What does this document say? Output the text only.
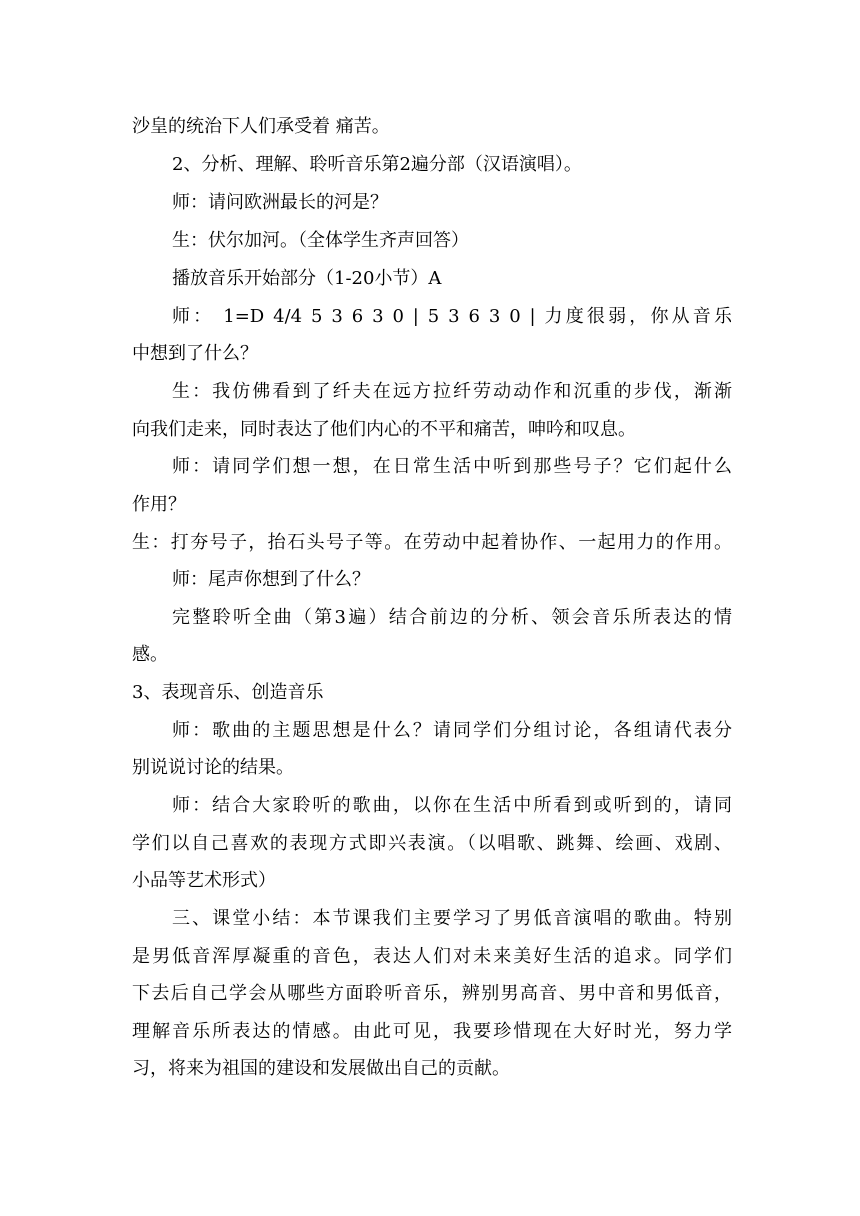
沙皇的统治下人们承受着 痛苦。
2、分析、理解、聆听音乐第2遍分部（汉语演唱）。
师：请问欧洲最长的河是？
生：伏尔加河。（全体学生齐声回答）
播放音乐开始部分（1-20小节）A
师： 1=D 4/4 5 3 6 3 0 | 5 3 6 3 0 | 力度很弱，你从音乐
中想到了什么？
生：我仿佛看到了纤夫在远方拉纤劳动动作和沉重的步伐，渐渐
向我们走来，同时表达了他们内心的不平和痛苦，呻吟和叹息。
师：请同学们想一想，在日常生活中听到那些号子？它们起什么
作用？
生：打夯号子，抬石头号子等。在劳动中起着协作、一起用力的作用。
师：尾声你想到了什么？
完整聆听全曲（第3遍）结合前边的分析、领会音乐所表达的情
感。
3、表现音乐、创造音乐
师：歌曲的主题思想是什么？请同学们分组讨论，各组请代表分
别说说讨论的结果。
师：结合大家聆听的歌曲，以你在生活中所看到或听到的，请同
学们以自己喜欢的表现方式即兴表演。（以唱歌、跳舞、绘画、戏剧、
小品等艺术形式）
三、课堂小结：本节课我们主要学习了男低音演唱的歌曲。特别
是男低音浑厚凝重的音色，表达人们对未来美好生活的追求。同学们
下去后自己学会从哪些方面聆听音乐，辨别男高音、男中音和男低音，
理解音乐所表达的情感。由此可见，我要珍惜现在大好时光，努力学
习，将来为祖国的建设和发展做出自己的贡献。
